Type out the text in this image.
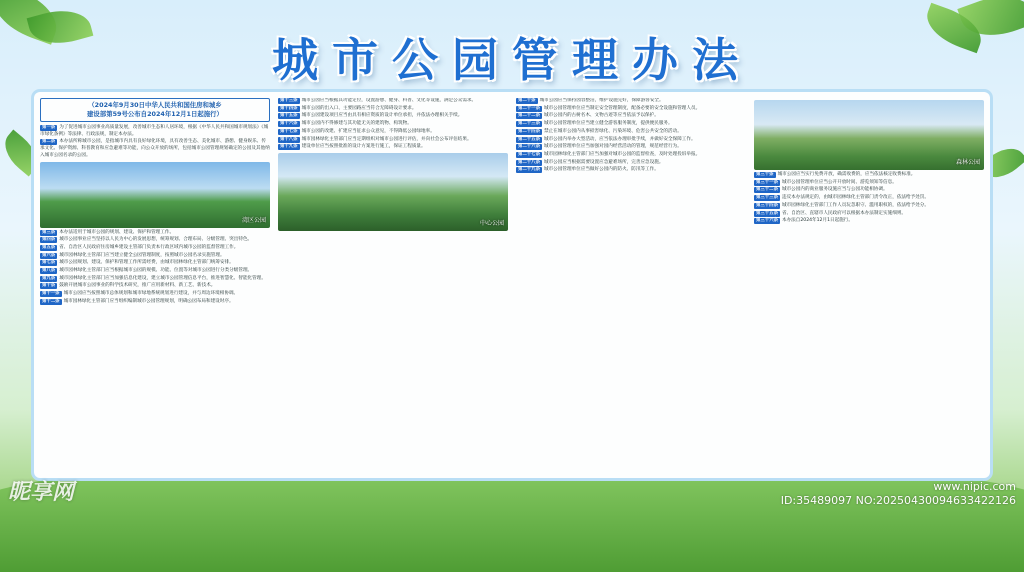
城市公园管理办法
（2024年9月30日中华人民共和国住房和城乡
建设部第59号公布自2024年12月1日起施行）
第一条 为了促进城市公园事业高质量发展，改善城市生态和人居环境，根据《中华人民共和国城市规划法》《城市绿化条例》等法律、行政法规，制定本办法。
第二条 本办法所称城市公园，是指城市内具有良好绿化环境，具有改善生态、美化城市、游憩、健身娱乐、传承文化、保护资源、科普教育和应急避难等功能，向公众开放的场所，包括城市公园管理规划确定的公园及其他纳入城市公园名录的公园。
湾区公园
第三条 本办法适用于城市公园的规划、建设、保护和管理工作。
第四条 城市公园事业应当坚持以人民为中心的发展思想，统筹规划、合理布局、分级管理、突出特色。
第五条 省、自治区人民政府住房城乡建设主管部门负责本行政区域内城市公园的监督管理工作。
第六条 城市园林绿化主管部门应当建立健全公园管理制度，按照城市公园名录实施管理。
第七条 城市公园规划、建设、保护和管理工作所需经费，由城市园林绿化主管部门统筹安排。
第八条 城市园林绿化主管部门应当根据城市公园的规模、功能、位置等对城市公园进行分类分级管理。
第九条 城市园林绿化主管部门应当加强信息化建设，建立城市公园管理信息平台，推进智慧化、智能化管理。
第十条 鼓励开展城市公园事业的科学技术研究，推广应用新材料、新工艺、新技术。
第十一条 城市公园应当按照城市总体规划和城市绿地系统规划进行建设，并与周边环境相协调。
第十二条 城市园林绿化主管部门应当组织编制城市公园管理规划，明确公园布局和建设时序。
第十三条 城市公园应当根据其功能定位，设置游憩、健身、科普、文化等设施，满足公众需求。
第十四条 城市公园的出入口、主要园路应当符合无障碍设计要求。
第十五条 城市公园建设项目应当由具有相应资质的设计单位承担，并依法办理相关手续。
第十六条 城市公园内不得修建与其功能无关的建筑物、构筑物。
第十七条 城市公园的改建、扩建应当征求公众意见，不得降低公园绿地率。
第十八条 城市园林绿化主管部门应当定期组织对城市公园进行评估，并向社会公布评估结果。
第十九条 建设单位应当按照批准的设计方案进行施工，保证工程质量。
中心公园
第二十条 城市公园应当保持园容整洁，维护设施完好，保障游客安全。
第二十一条 城市公园管理单位应当制定安全管理制度，配备必要的安全设施和管理人员。
第二十二条 城市公园内的古树名木、文物古迹等应当依法予以保护。
第二十三条 城市公园管理单位应当建立健全游客服务制度，提供便民服务。
第二十四条 禁止在城市公园内从事损害绿化、污染环境、危害公共安全的活动。
第二十五条 城市公园内举办大型活动，应当依法办理审批手续，并做好安全保障工作。
第二十六条 城市公园管理单位应当加强对园内经营活动的管理，规范经营行为。
第二十七条 城市园林绿化主管部门应当加强对城市公园的监督检查，及时处理投诉举报。
第二十八条 城市公园应当根据需要设置应急避难场所，完善应急设施。
第二十九条 城市公园管理单位应当做好公园内的防火、防汛等工作。
森林公园
第三十条 城市公园应当实行免费开放，确需收费的，应当依法核定收费标准。
第三十一条 城市公园管理单位应当公开开放时间、游览须知等信息。
第三十二条 城市公园内的商业服务设施应当与公园功能相协调。
第三十三条 违反本办法规定的，由城市园林绿化主管部门责令改正，依法给予处罚。
第三十四条 城市园林绿化主管部门工作人员玩忽职守、滥用职权的，依法给予处分。
第三十五条 省、自治区、直辖市人民政府可以根据本办法制定实施细则。
第三十六条 本办法自2024年12月1日起施行。
昵享网	www.nipic.com
ID:35489097 NO:20250430094633422126
